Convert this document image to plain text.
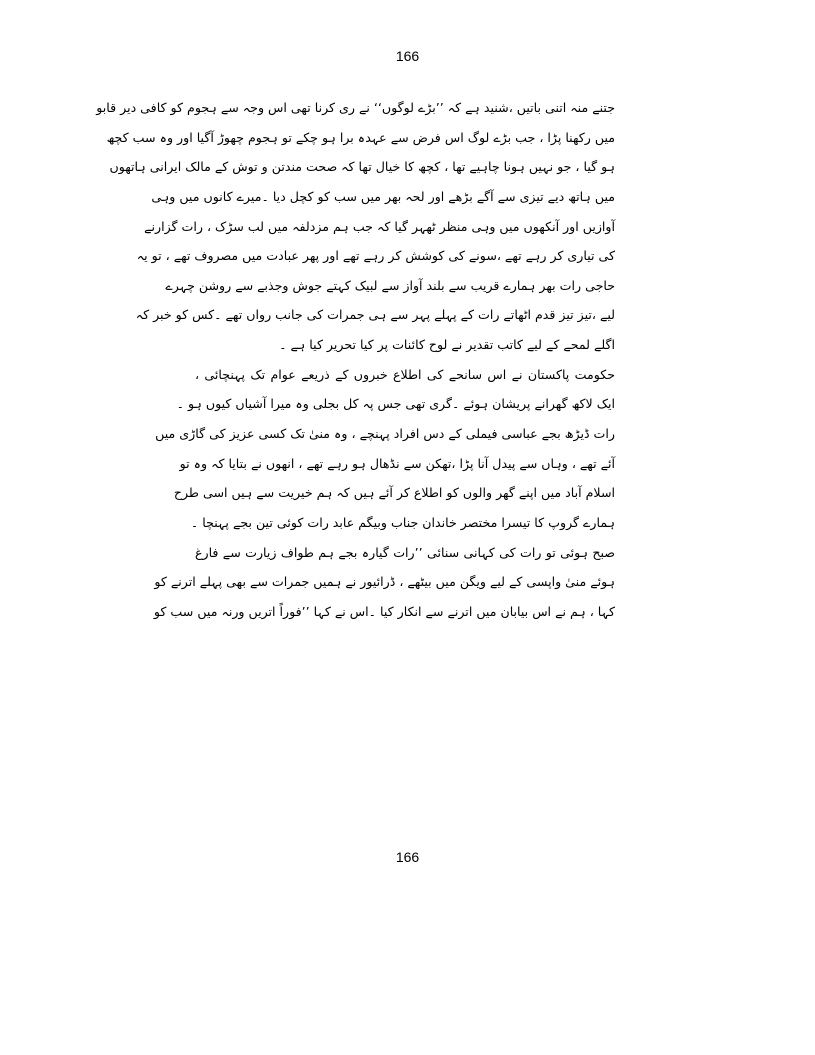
166
جتنے منہ اتنی باتیں ،شنید ہے کہ ’’بڑے لوگوں‘‘ نے ری کرنا تھی اس وجہ سے ہجوم کو کافی دیر قابو
میں رکھنا پڑا ، جب بڑے لوگ اس فرض سے عہدہ برا ہو چکے تو ہجوم چھوڑ آگیا اور وہ سب کچھ
ہو گیا ، جو نہیں ہونا چاہیے تھا ، کچھ کا خیال تھا کہ صحت مندتن و توش کے مالک ایرانی ہاتھوں
میں ہاتھ دیے تیزی سے آگے بڑھے اور لحہ بھر میں سب کو کچل دیا ۔میرے کانوں میں وہی
آوازیں اور آنکھوں میں وہی منظر ٹھہر گیا کہ جب ہم مزدلفہ میں لب سڑک ، رات گزارنے
کی تیاری کر رہے تھے ،سونے کی کوشش کر رہے تھے اور پھر عبادت میں مصروف تھے ، تو یہ
حاجی رات بھر ہمارے قریب سے بلند آواز سے لبیک کہتے جوش وجذبے سے روشن چہرے
لیے ،تیز تیز قدم اٹھاتے رات کے پہلے پہر سے ہی جمرات کی جانب رواں تھے ۔کس کو خبر کہ
اگلے لمحے کے لیے کاتب تقدیر نے لوح کائنات پر کیا تحریر کیا ہے ۔
حکومت پاکستان نے اس سانحے کی اطلاع خبروں کے ذریعے عوام تک پہنچائی ،
ایک لاکھ گھرانے پریشان ہوئے ۔گری تھی جس پہ کل بجلی وہ میرا آشیاں کیوں ہو ۔
رات ڈیڑھ بجے عباسی فیملی کے دس افراد پہنچے ، وہ منیٰ تک کسی عزیز کی گاڑی میں
آئے تھے ، وہاں سے پیدل آنا پڑا ،تھکن سے نڈھال ہو رہے تھے ، انھوں نے بتایا کہ وہ تو
اسلام آباد میں اپنے گھر والوں کو اطلاع کر آئے ہیں کہ ہم خیریت سے ہیں اسی طرح
ہمارے گروپ کا تیسرا مختصر خاندان جناب وبیگم عابد رات کوئی تین بجے پہنچا ۔
صبح ہوئی تو رات کی کہانی سنائی ’’رات گیارہ بجے ہم طواف زیارت سے فارغ
ہوئے منیٰ واپسی کے لیے ویگن میں بیٹھے ، ڈرائیور نے ہمیں جمرات سے بھی پہلے اترنے کو
کہا ، ہم نے اس بیابان میں اترنے سے انکار کیا ۔اس نے کہا ’’فوراً اتریں ورنہ میں سب کو
166
